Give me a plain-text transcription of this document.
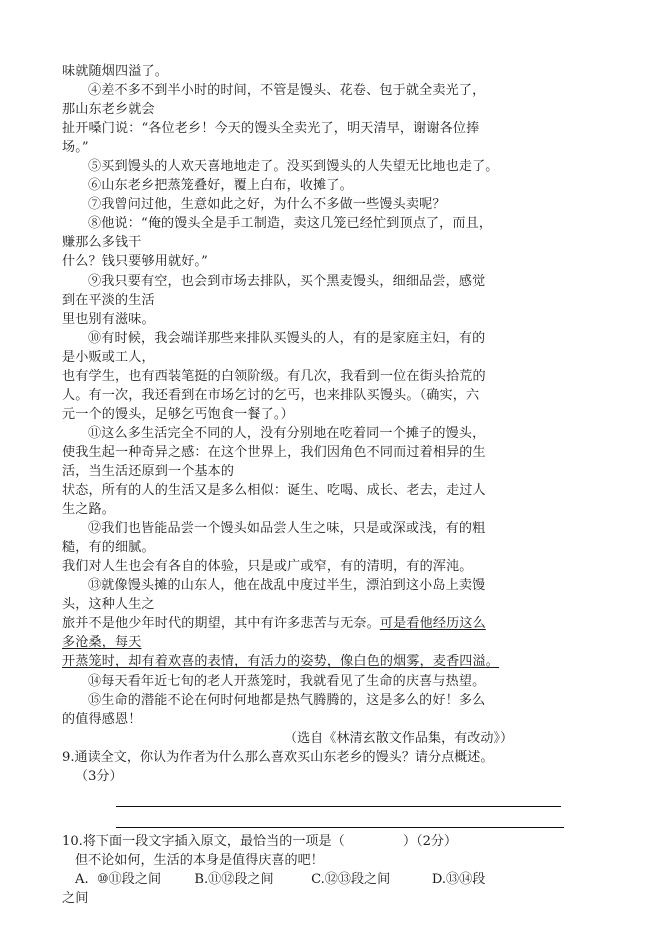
味就随烟四溢了。
④差不多不到半小时的时间，不管是馒头、花卷、包于就全卖光了，
那山东老乡就会
扯开嗓门说：“各位老乡！今天的馒头全卖光了，明天清早，谢谢各位捧
场。”
⑤买到馒头的人欢天喜地地走了。没买到馒头的人失望无比地也走了。
⑥山东老乡把蒸笼叠好，覆上白布，收摊了。
⑦我曾问过他，生意如此之好，为什么不多做一些馒头卖呢？
⑧他说：“俺的馒头全是手工制造，卖这几笼已经忙到顶点了，而且，
赚那么多钱干
什么？钱只要够用就好。”
⑨我只要有空，也会到市场去排队，买个黑麦馒头，细细品尝，感觉
到在平淡的生活
里也别有滋味。
⑩有时候，我会端详那些来排队买馒头的人，有的是家庭主妇，有的
是小贩或工人，
也有学生，也有西装笔挺的白领阶级。有几次，我看到一位在街头拾荒的
人。有一次，我还看到在市场乞讨的乞丐，也来排队买馒头。（确实，六
元一个的馒头，足够乞丐饱食一餐了。）
⑪这么多生活完全不同的人，没有分别地在吃着同一个摊子的馒头，
使我生起一种奇异之感：在这个世界上，我们因角色不同而过着相异的生
活，当生活还原到一个基本的
状态，所有的人的生活又是多么相似：诞生、吃喝、成长、老去，走过人
生之路。
⑫我们也皆能品尝一个馒头如品尝人生之味，只是或深或浅，有的粗
糙，有的细腻。
我们对人生也会有各自的体验，只是或广或窄，有的清明，有的浑沌。
⑬就像馒头摊的山东人，他在战乱中度过半生，漂泊到这小岛上卖馒
头，这种人生之
旅并不是他少年时代的期望，其中有许多悲苦与无奈。可是看他经历这么
多沧桑，每天
开蒸笼时，却有着欢喜的表情，有活力的姿势，像白色的烟雾，麦香四溢。
⑭每天看年近七旬的老人开蒸笼时，我就看见了生命的庆喜与热望。
⑮生命的潜能不论在何时何地都是热气腾腾的，这是多么的好！多么
的值得感恩！
（选自《林清玄散文作品集，有改动》）
9.通读全文，你认为作者为什么那么喜欢买山东老乡的馒头？请分点概述。
（3分）
10.将下面一段文字插入原文，最恰当的一项是（              ）（2分）
但不论如何，生活的本身是值得庆喜的吧！
A.  ⑩⑪段之间        B.⑪⑫段之间         C.⑫⑬段之间          D.⑬⑭段
之间
